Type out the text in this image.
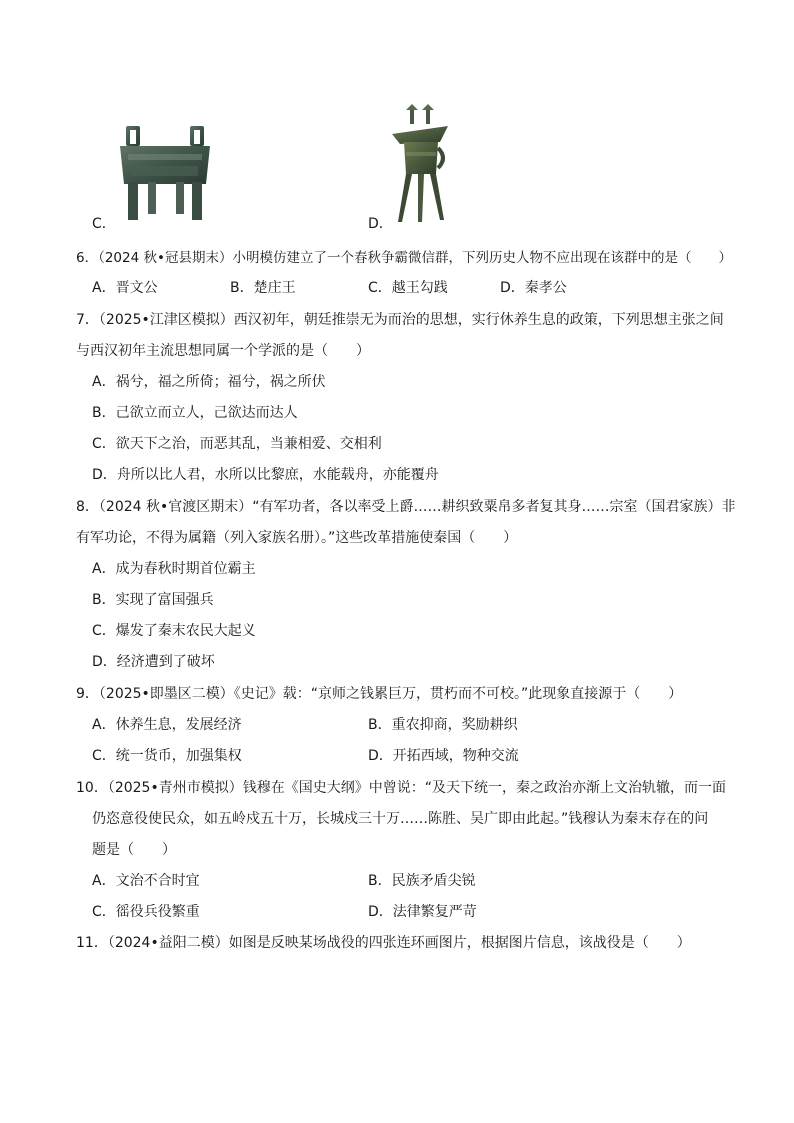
C．	D．
6．（2024 秋•冠县期末）小明模仿建立了一个春秋争霸微信群，下列历史人物不应出现在该群中的是（　　）
A．晋文公	B．楚庄王	C．越王勾践	D．秦孝公
7．（2025•江津区模拟）西汉初年，朝廷推崇无为而治的思想，实行休养生息的政策，下列思想主张之间
与西汉初年主流思想同属一个学派的是（　　）
A．祸兮，福之所倚；福兮，祸之所伏
B．己欲立而立人，己欲达而达人
C．欲天下之治，而恶其乱，当兼相爱、交相利
D．舟所以比人君，水所以比黎庶，水能载舟，亦能覆舟
8．（2024 秋•官渡区期末）“有军功者，各以率受上爵……耕织致粟帛多者复其身……宗室（国君家族）非
有军功论，不得为属籍（列入家族名册）。”这些改革措施使秦国（　　）
A．成为春秋时期首位霸主
B．实现了富国强兵
C．爆发了秦末农民大起义
D．经济遭到了破坏
9．（2025•即墨区二模）《史记》载：“京师之钱累巨万，贯朽而不可校。”此现象直接源于（　　）
A．休养生息，发展经济	B．重农抑商，奖励耕织
C．统一货币，加强集权	D．开拓西域，物种交流
10．（2025•青州市模拟）钱穆在《国史大纲》中曾说：“及天下统一，秦之政治亦渐上文治轨辙，而一面
仍恣意役使民众，如五岭戍五十万，长城戍三十万……陈胜、吴广即由此起。”钱穆认为秦末存在的问
题是（　　）
A．文治不合时宜	B．民族矛盾尖锐
C．徭役兵役繁重	D．法律繁复严苛
11．（2024•益阳二模）如图是反映某场战役的四张连环画图片，根据图片信息，该战役是（　　）
